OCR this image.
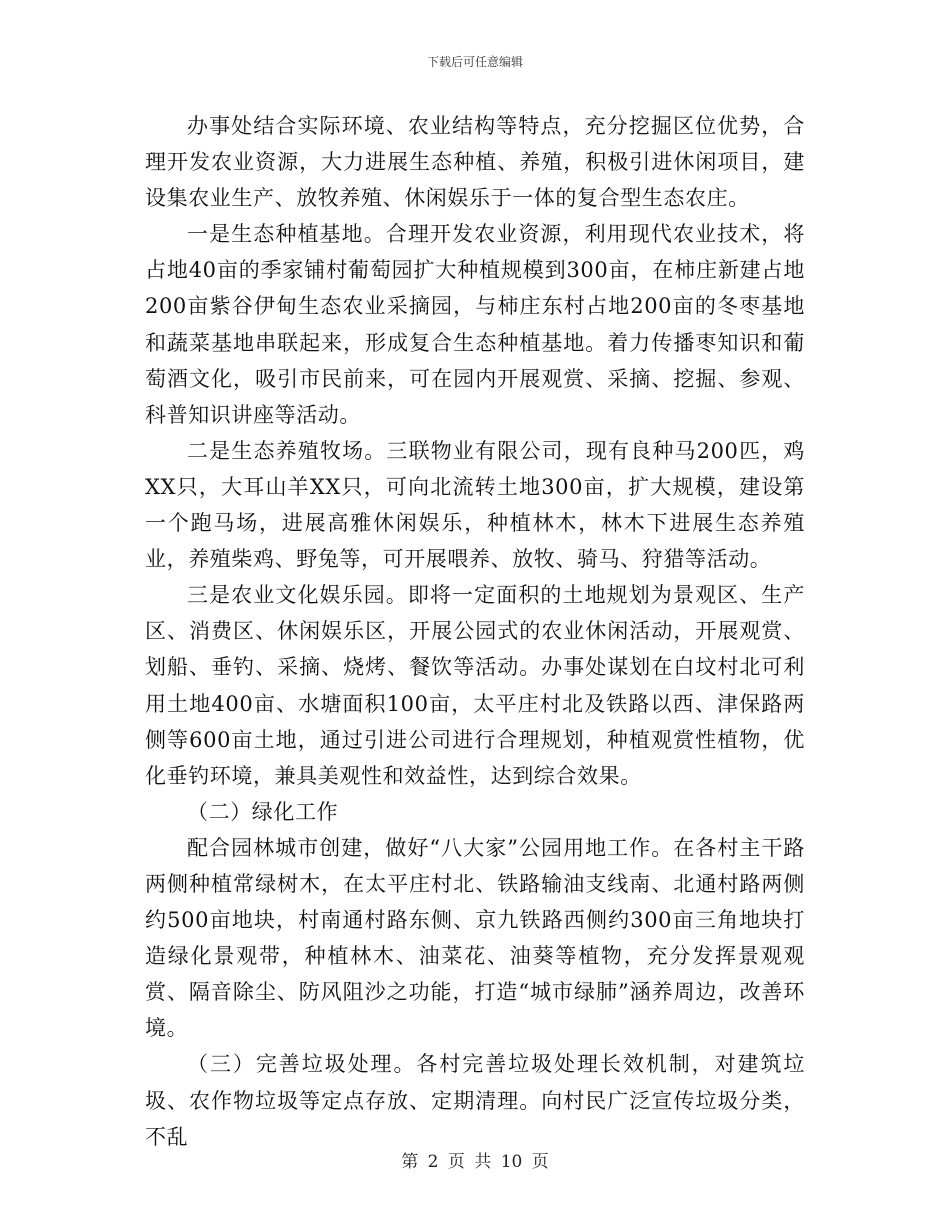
下载后可任意编辑

办事处结合实际环境、农业结构等特点，充分挖掘区位优势，合理开发农业资源，大力进展生态种植、养殖，积极引进休闲项目，建设集农业生产、放牧养殖、休闲娱乐于一体的复合型生态农庄。

一是生态种植基地。合理开发农业资源，利用现代农业技术，将占地40亩的季家铺村葡萄园扩大种植规模到300亩，在柿庄新建占地200亩紫谷伊甸生态农业采摘园，与柿庄东村占地200亩的冬枣基地和蔬菜基地串联起来，形成复合生态种植基地。着力传播枣知识和葡萄酒文化，吸引市民前来，可在园内开展观赏、采摘、挖掘、参观、科普知识讲座等活动。

二是生态养殖牧场。三联物业有限公司，现有良种马200匹，鸡XX只，大耳山羊XX只，可向北流转土地300亩，扩大规模，建设第一个跑马场，进展高雅休闲娱乐，种植林木，林木下进展生态养殖业，养殖柴鸡、野兔等，可开展喂养、放牧、骑马、狩猎等活动。

三是农业文化娱乐园。即将一定面积的土地规划为景观区、生产区、消费区、休闲娱乐区，开展公园式的农业休闲活动，开展观赏、划船、垂钓、采摘、烧烤、餐饮等活动。办事处谋划在白坟村北可利用土地400亩、水塘面积100亩，太平庄村北及铁路以西、津保路两侧等600亩土地，通过引进公司进行合理规划，种植观赏性植物，优化垂钓环境，兼具美观性和效益性，达到综合效果。

（二）绿化工作

配合园林城市创建，做好“八大家”公园用地工作。在各村主干路两侧种植常绿树木，在太平庄村北、铁路输油支线南、北通村路两侧约500亩地块，村南通村路东侧、京九铁路西侧约300亩三角地块打造绿化景观带，种植林木、油菜花、油葵等植物，充分发挥景观观赏、隔音除尘、防风阻沙之功能，打造“城市绿肺”涵养周边，改善环境。

（三）完善垃圾处理。各村完善垃圾处理长效机制，对建筑垃圾、农作物垃圾等定点存放、定期清理。向村民广泛宣传垃圾分类，不乱

第 2 页 共 10 页
